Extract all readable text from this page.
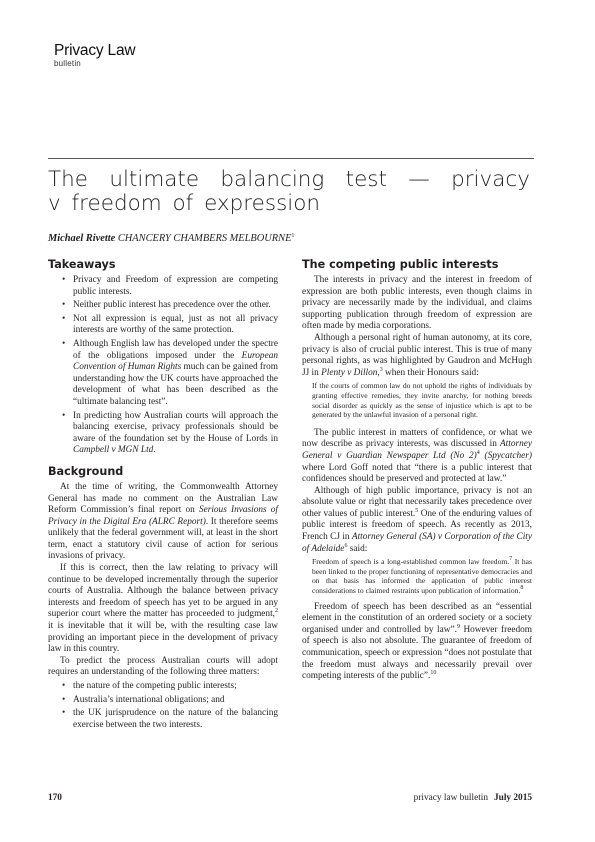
Privacy Law
bulletin
The ultimate balancing test — privacy
v freedom of expression
Michael Rivette CHANCERY CHAMBERS MELBOURNE$^1$
Takeaways
• Privacy and Freedom of expression are competing public interests.
• Neither public interest has precedence over the other.
• Not all expression is equal, just as not all privacy interests are worthy of the same protection.
• Although English law has developed under the spectre of the obligations imposed under the European Convention of Human Rights much can be gained from understanding how the UK courts have approached the development of what has been described as the “ultimate balancing test”.
• In predicting how Australian courts will approach the balancing exercise, privacy professionals should be aware of the foundation set by the House of Lords in Campbell v MGN Ltd.
Background

At the time of writing, the Commonwealth Attorney General has made no comment on the Australian Law Reform Commission’s final report on Serious Invasions of Privacy in the Digital Era (ALRC Report). It therefore seems unlikely that the federal government will, at least in the short term, enact a statutory civil cause of action for serious invasions of privacy.

If this is correct, then the law relating to privacy will continue to be developed incrementally through the superior courts of Australia. Although the balance between privacy interests and freedom of speech has yet to be argued in any superior court where the matter has proceeded to judgment,$^2$ it is inevitable that it will be, with the resulting case law providing an important piece in the development of privacy law in this country.

To predict the process Australian courts will adopt requires an understanding of the following three matters:

• the nature of the competing public interests;
• Australia’s international obligations; and
• the UK jurisprudence on the nature of the balancing exercise between the two interests.
The competing public interests

The interests in privacy and the interest in freedom of expression are both public interests, even though claims in privacy are necessarily made by the individual, and claims supporting publication through freedom of expression are often made by media corporations.

Although a personal right of human autonomy, at its core, privacy is also of crucial public interest. This is true of many personal rights, as was highlighted by Gaudron and McHugh JJ in Plenty v Dillon,$^3$ when their Honours said:

If the courts of common law do not uphold the rights of individuals by granting effective remedies, they invite anarchy, for nothing breeds social disorder as quickly as the sense of injustice which is apt to be generated by the unlawful invasion of a personal right.

The public interest in matters of confidence, or what we now describe as privacy interests, was discussed in Attorney General v Guardian Newspaper Ltd (No 2)$^4$ (Spycatcher) where Lord Goff noted that “there is a public interest that confidences should be preserved and protected at law.”

Although of high public importance, privacy is not an absolute value or right that necessarily takes precedence over other values of public interest.$^5$ One of the enduring values of public interest is freedom of speech. As recently as 2013, French CJ in Attorney General (SA) v Corporation of the City of Adelaide$^6$ said:

Freedom of speech is a long-established common law freedom.$^7$ It has been linked to the proper functioning of representative democracies and on that basis has informed the application of public interest considerations to claimed restraints upon publication of information.$^8$

Freedom of speech has been described as an “essential element in the constitution of an ordered society or a society organised under and controlled by law”.$^9$ However freedom of speech is also not absolute. The guarantee of freedom of communication, speech or expression “does not postulate that the freedom must always and necessarily prevail over competing interests of the public”.$^{10}$

170	privacy law bulletin July 2015
